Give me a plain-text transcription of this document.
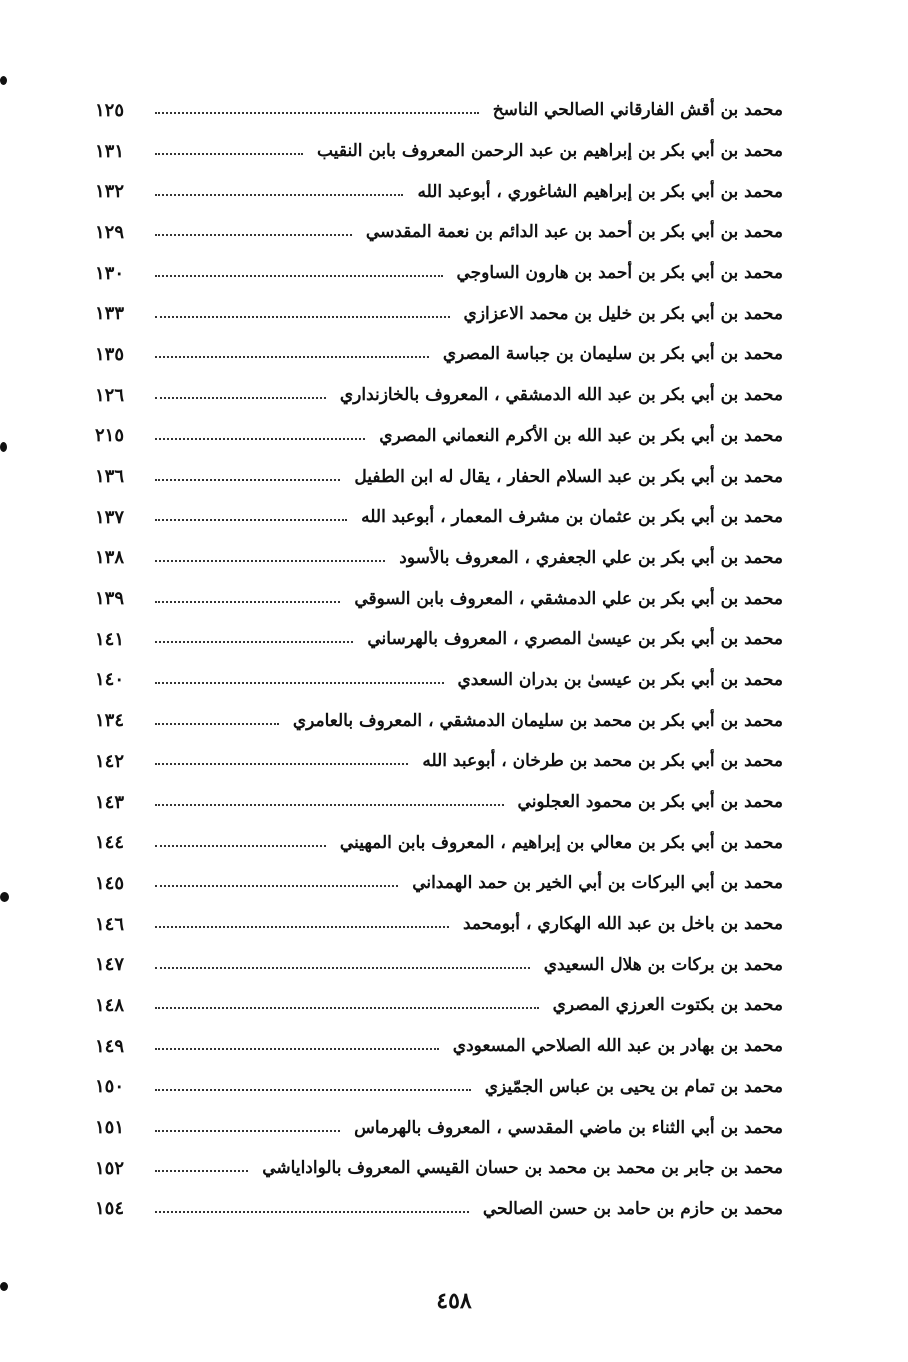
محمد بن أقش الفارقاني الصالحي الناسخ
١٢٥
محمد بن أبي بكر بن إبراهيم بن عبد الرحمن المعروف بابن النقيب
١٣١
محمد بن أبي بكر بن إبراهيم الشاغوري ، أبوعبد الله
١٣٢
محمد بن أبي بكر بن أحمد بن عبد الدائم بن نعمة المقدسي
١٢٩
محمد بن أبي بكر بن أحمد بن هارون الساوجي
١٣٠
محمد بن أبي بكر بن خليل بن محمد الاعزازي
١٣٣
محمد بن أبي بكر بن سليمان بن جباسة المصري
١٣٥
محمد بن أبي بكر بن عبد الله الدمشقي ، المعروف بالخازنداري
١٢٦
محمد بن أبي بكر بن عبد الله بن الأكرم النعماني المصري
٢١٥
محمد بن أبي بكر بن عبد السلام الحفار ، يقال له ابن الطفيل
١٣٦
محمد بن أبي بكر بن عثمان بن مشرف المعمار ، أبوعبد الله
١٣٧
محمد بن أبي بكر بن علي الجعفري ، المعروف بالأسود
١٣٨
محمد بن أبي بكر بن علي الدمشقي ، المعروف بابن السوقي
١٣٩
محمد بن أبي بكر بن عيسىٰ المصري ، المعروف بالهرساني
١٤١
محمد بن أبي بكر بن عيسىٰ بن بدران السعدي
١٤٠
محمد بن أبي بكر بن محمد بن سليمان الدمشقي ، المعروف بالعامري
١٣٤
محمد بن أبي بكر بن محمد بن طرخان ، أبوعبد الله
١٤٢
محمد بن أبي بكر بن محمود العجلوني
١٤٣
محمد بن أبي بكر بن معالي بن إبراهيم ، المعروف بابن المهيني
١٤٤
محمد بن أبي البركات بن أبي الخير بن حمد الهمداني
١٤٥
محمد بن باخل بن عبد الله الهكاري ، أبومحمد
١٤٦
محمد بن بركات بن هلال السعيدي
١٤٧
محمد بن بكتوت العرزي المصري
١٤٨
محمد بن بهادر بن عبد الله الصلاحي المسعودي
١٤٩
محمد بن تمام بن يحيى بن عباس الجمّيزي
١٥٠
محمد بن أبي الثناء بن ماضي المقدسي ، المعروف بالهرماس
١٥١
محمد بن جابر بن محمد بن محمد بن حسان القيسي المعروف بالواداياشي
١٥٢
محمد بن حازم بن حامد بن حسن الصالحي
١٥٤
٤٥٨
